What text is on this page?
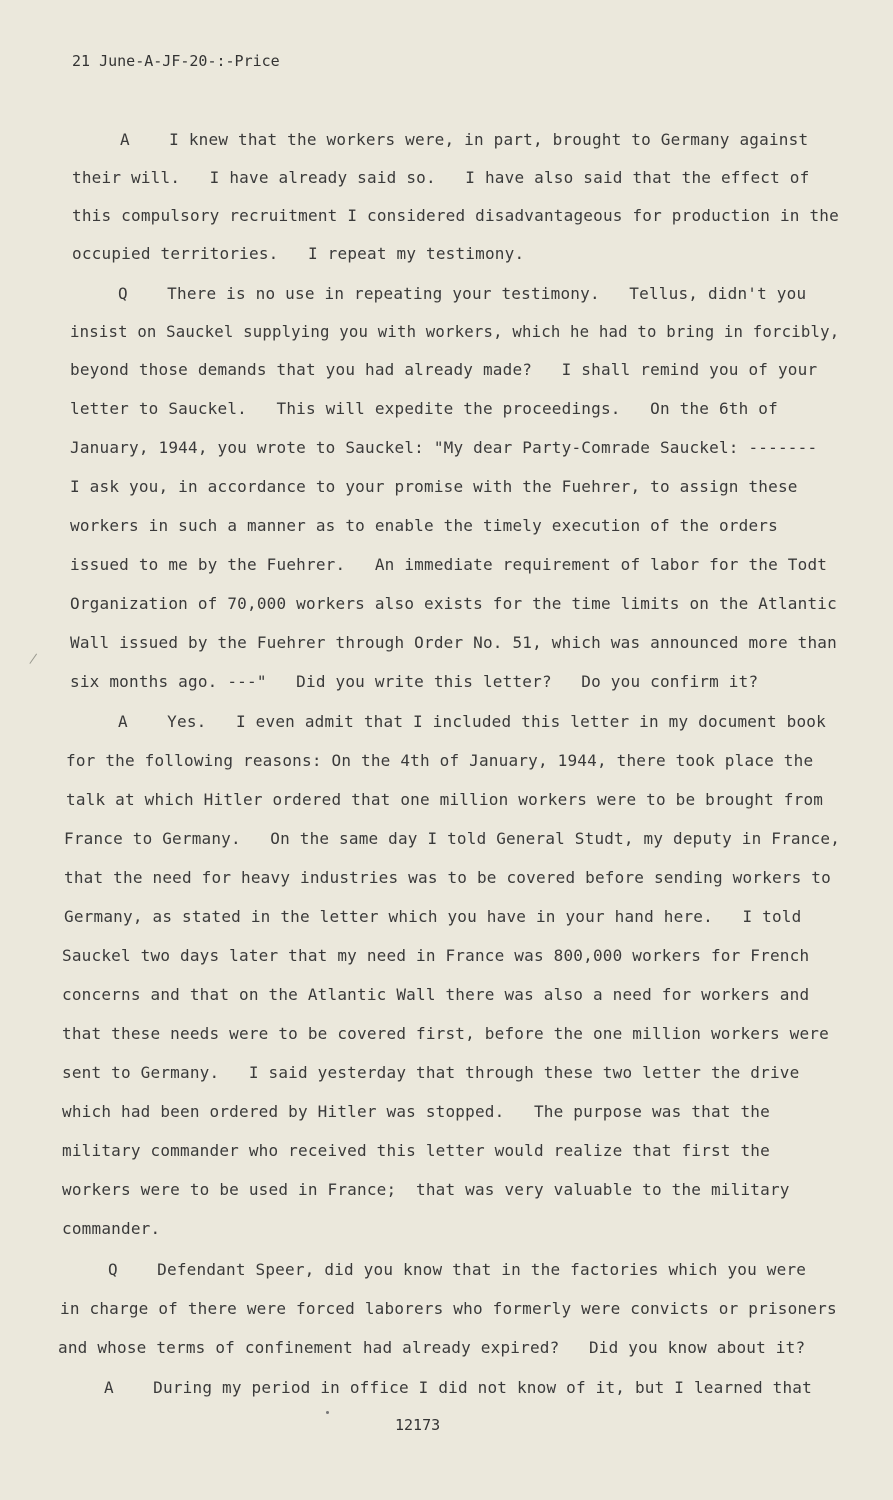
21 June-A-JF-20-:-Price
A    I knew that the workers were, in part, brought to Germany against
their will.   I have already said so.   I have also said that the effect of
this compulsory recruitment I considered disadvantageous for production in the
occupied territories.   I repeat my testimony.
Q    There is no use in repeating your testimony.   Tellus, didn't you
insist on Sauckel supplying you with workers, which he had to bring in forcibly,
beyond those demands that you had already made?   I shall remind you of your
letter to Sauckel.   This will expedite the proceedings.   On the 6th of
January, 1944, you wrote to Sauckel: "My dear Party-Comrade Sauckel: -------
I ask you, in accordance to your promise with the Fuehrer, to assign these
workers in such a manner as to enable the timely execution of the orders
issued to me by the Fuehrer.   An immediate requirement of labor for the Todt
Organization of 70,000 workers also exists for the time limits on the Atlantic
Wall issued by the Fuehrer through Order No. 51, which was announced more than
six months ago. ---"   Did you write this letter?   Do you confirm it?
A    Yes.   I even admit that I included this letter in my document book
for the following reasons: On the 4th of January, 1944, there took place the
talk at which Hitler ordered that one million workers were to be brought from
France to Germany.   On the same day I told General Studt, my deputy in France,
that the need for heavy industries was to be covered before sending workers to
Germany, as stated in the letter which you have in your hand here.   I told
Sauckel two days later that my need in France was 800,000 workers for French
concerns and that on the Atlantic Wall there was also a need for workers and
that these needs were to be covered first, before the one million workers were
sent to Germany.   I said yesterday that through these two letter the drive
which had been ordered by Hitler was stopped.   The purpose was that the
military commander who received this letter would realize that first the
workers were to be used in France;  that was very valuable to the military
commander.
Q    Defendant Speer, did you know that in the factories which you were
in charge of there were forced laborers who formerly were convicts or prisoners
and whose terms of confinement had already expired?   Did you know about it?
A    During my period in office I did not know of it, but I learned that
12173
